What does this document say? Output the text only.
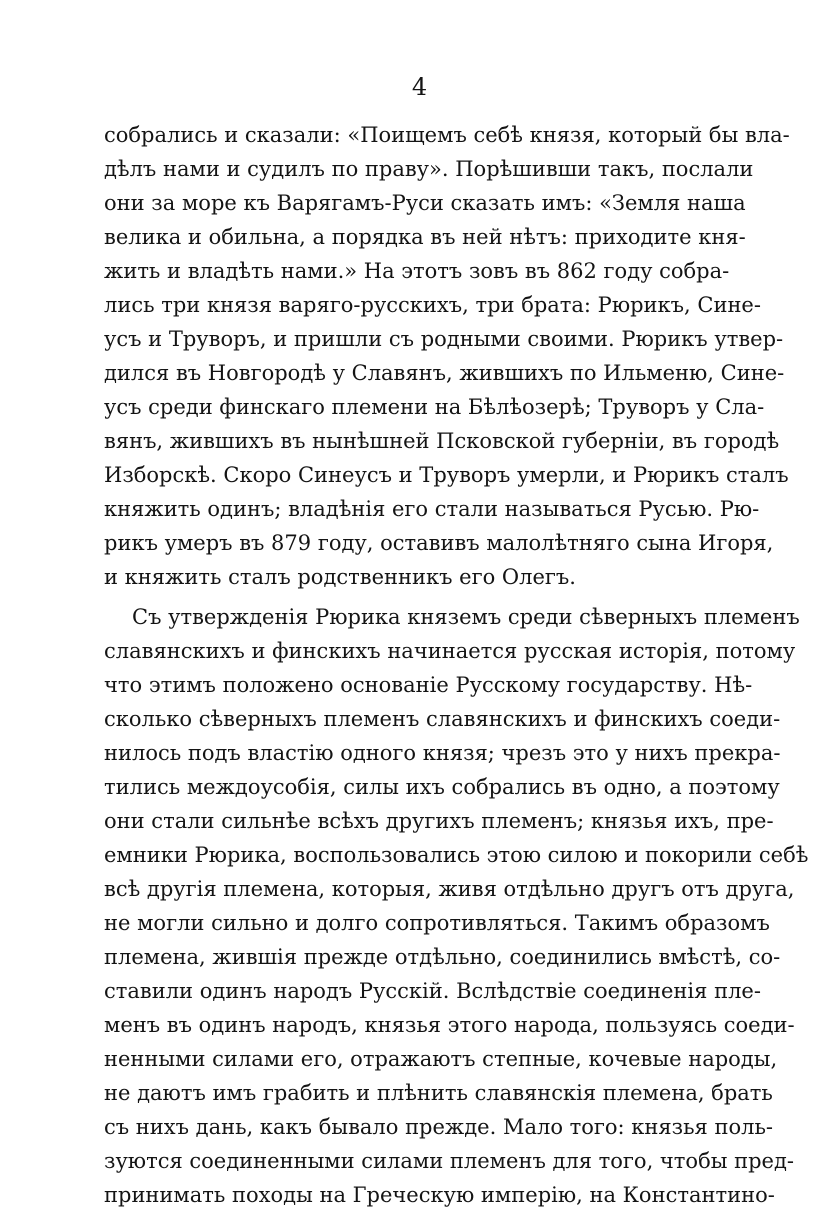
4
собрались и сказали: «Поищемъ себѣ князя, который бы вла-
дѣлъ нами и судилъ по праву». Порѣшивши такъ, послали
они за море къ Варягамъ-Руси сказать имъ: «Земля наша
велика и обильна, а порядка въ ней нѣтъ: приходите кня-
жить и владѣть нами.» На этотъ зовъ въ 862 году собра-
лись три князя варяго-русскихъ, три брата: Рюрикъ, Сине-
усъ и Труворъ, и пришли съ родными своими. Рюрикъ утвер-
дился въ Новгородѣ у Славянъ, жившихъ по Ильменю, Сине-
усъ среди финскаго племени на Бѣлѣозерѣ; Труворъ у Сла-
вянъ, жившихъ въ нынѣшней Псковской губерніи, въ городѣ
Изборскѣ. Скоро Синеусъ и Труворъ умерли, и Рюрикъ сталъ
княжить одинъ; владѣнія его стали называться Русью. Рю-
рикъ умеръ въ 879 году, оставивъ малолѣтняго сына Игоря,
и княжить сталъ родственникъ его Олегъ.
Съ утвержденія Рюрика княземъ среди сѣверныхъ племенъ
славянскихъ и финскихъ начинается русская исторія, потому
что этимъ положено основаніе Русскому государству. Нѣ-
сколько сѣверныхъ племенъ славянскихъ и финскихъ соеди-
нилось подъ властію одного князя; чрезъ это у нихъ прекра-
тились междоусобія, силы ихъ собрались въ одно, а поэтому
они стали сильнѣе всѣхъ другихъ племенъ; князья ихъ, пре-
емники Рюрика, воспользовались этою силою и покорили себѣ
всѣ другія племена, которыя, живя отдѣльно другъ отъ друга,
не могли сильно и долго сопротивляться. Такимъ образомъ
племена, жившія прежде отдѣльно, соединились вмѣстѣ, со-
ставили одинъ народъ Русскій. Вслѣдствіе соединенія пле-
менъ въ одинъ народъ, князья этого народа, пользуясь соеди-
ненными силами его, отражаютъ степные, кочевые народы,
не даютъ имъ грабить и плѣнить славянскія племена, брать
съ нихъ дань, какъ бывало прежде. Мало того: князья поль-
зуются соединенными силами племенъ для того, чтобы пред-
принимать походы на Греческую имперію, на Константино-
